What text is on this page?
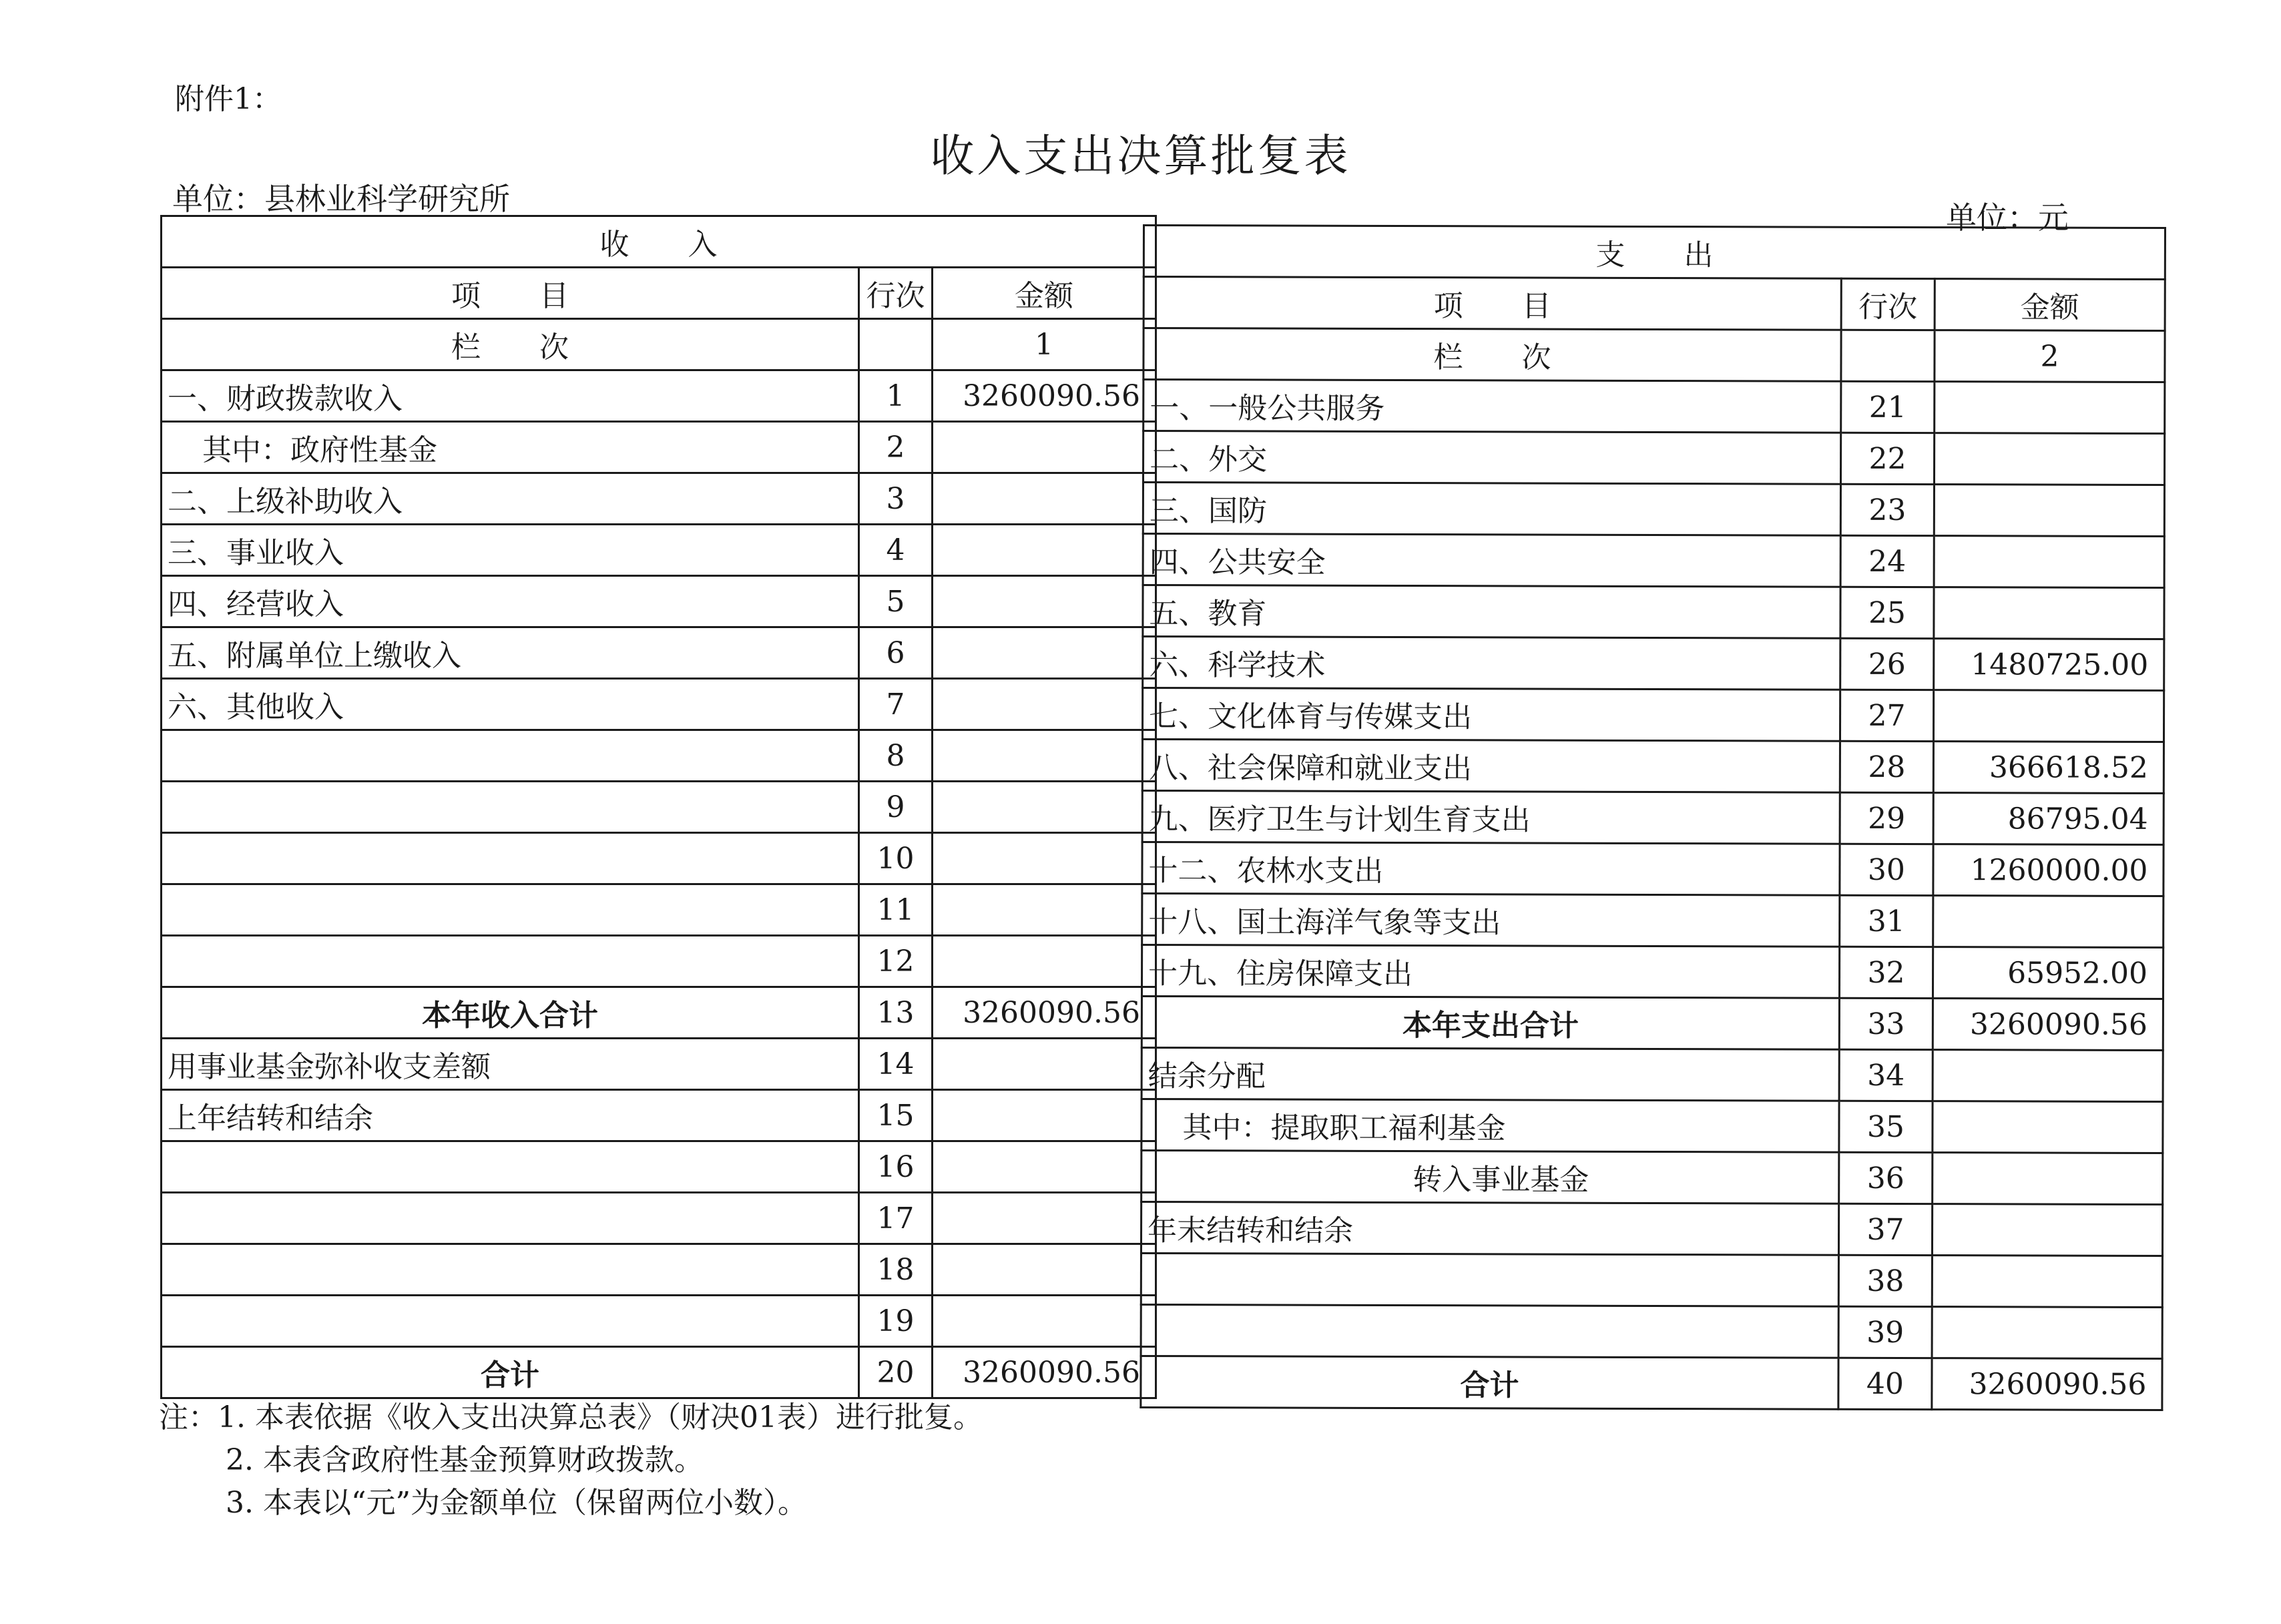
附件1：
收入支出决算批复表
单位：县林业科学研究所
单位：元
收　　入		
项　　目	行次	金额
栏　　次		1
一、财政拨款收入	1	3260090.56
其中：政府性基金	2	
二、上级补助收入	3	
三、事业收入	4	
四、经营收入	5	
五、附属单位上缴收入	6	
六、其他收入	7	
	8	
	9	
	10	
	11	
	12	
本年收入合计	13	3260090.56
用事业基金弥补收支差额	14	
上年结转和结余	15	
	16	
	17	
	18	
	19	
合计	20	3260090.56
支　　出		
项　　目	行次	金额
栏　　次		2
一、一般公共服务	21	
二、外交	22	
三、国防	23	
四、公共安全	24	
五、教育	25	
六、科学技术	26	1480725.00
七、文化体育与传媒支出	27	
八、社会保障和就业支出	28	366618.52
九、医疗卫生与计划生育支出	29	86795.04
十二、农林水支出	30	1260000.00
十八、国土海洋气象等支出	31	
十九、住房保障支出	32	65952.00
本年支出合计	33	3260090.56
结余分配	34	
其中：提取职工福利基金	35	
转入事业基金	36	
年末结转和结余	37	
	38	
	39	
合计	40	3260090.56
注：1. 本表依据《收入支出决算总表》（财决01表）进行批复。
2. 本表含政府性基金预算财政拨款。
3. 本表以“元”为金额单位（保留两位小数）。
